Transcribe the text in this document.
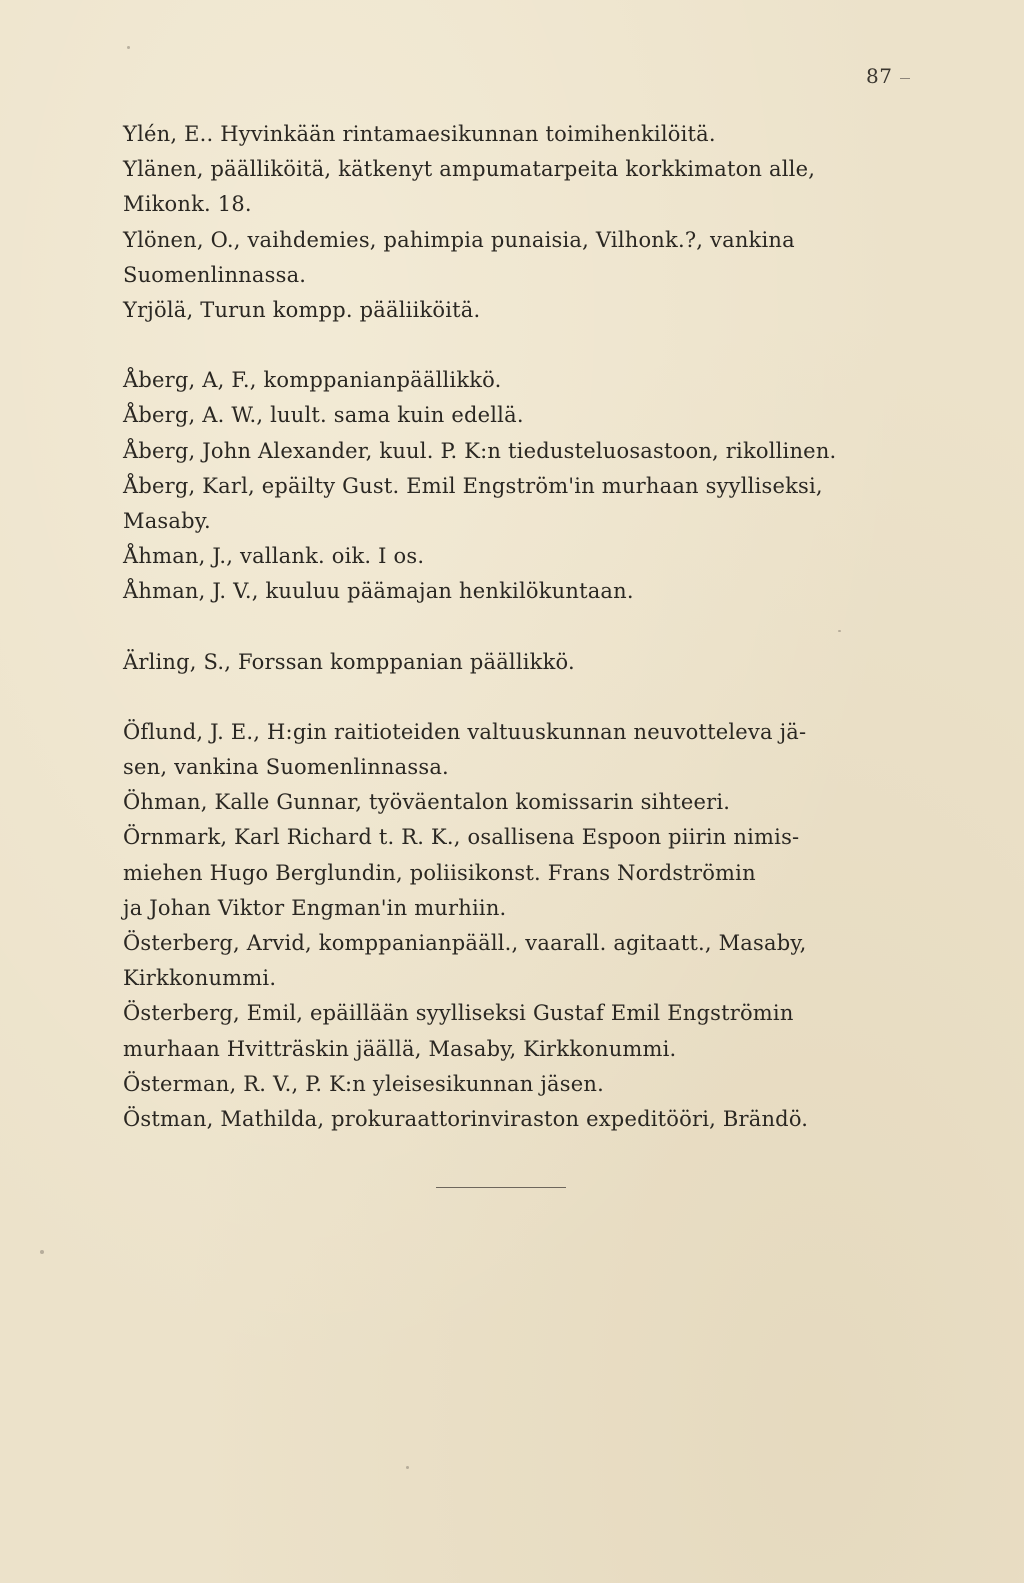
87

Ylén, E.. Hyvinkään rintamaesikunnan toimihenkilöitä.

Ylänen, päälliköitä, kätkenyt ampumatarpeita korkkimaton alle,
Mikonk. 18.

Ylönen, O., vaihdemies, pahimpia punaisia, Vilhonk.?, vankina
Suomenlinnassa.

Yrjölä, Turun kompp. pääliiköitä.

Åberg, A, F., komppanianpäällikkö.

Åberg, A. W., luult. sama kuin edellä.

Åberg, John Alexander, kuul. P. K:n tiedusteluosastoon, rikollinen.

Åberg, Karl, epäilty Gust. Emil Engström'in murhaan syylliseksi,
Masaby.

Åhman, J., vallank. oik. I os.

Åhman, J. V., kuuluu päämajan henkilökuntaan.

Ärling, S., Forssan komppanian päällikkö.

Öflund, J. E., H:gin raitioteiden valtuuskunnan neuvotteleva jä-
sen, vankina Suomenlinnassa.

Öhman, Kalle Gunnar, työväentalon komissarin sihteeri.

Örnmark, Karl Richard t. R. K., osallisena Espoon piirin nimis-
miehen Hugo Berglundin, poliisikonst. Frans Nordströmin
ja Johan Viktor Engman'in murhiin.

Österberg, Arvid, komppanianpääll., vaarall. agitaatt., Masaby,
Kirkkonummi.

Österberg, Emil, epäillään syylliseksi Gustaf Emil Engströmin
murhaan Hvitträskin jäällä, Masaby, Kirkkonummi.

Österman, R. V., P. K:n yleisesikunnan jäsen.

Östman, Mathilda, prokuraattorinviraston expeditööri, Brändö.
